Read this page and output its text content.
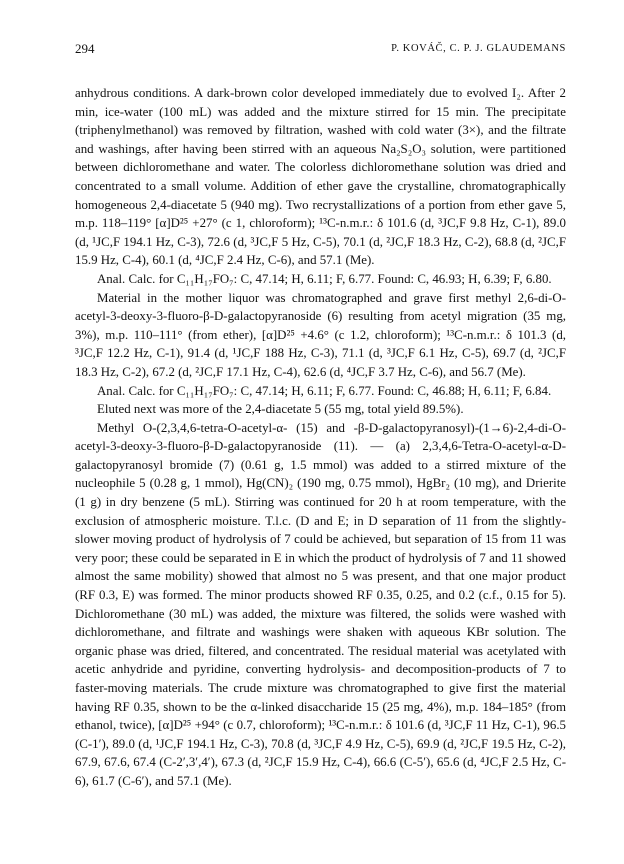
294	P. KOVÁČ, C. P. J. GLAUDEMANS

anhydrous conditions. A dark-brown color developed immediately due to evolved I₂. After 2 min, ice-water (100 mL) was added and the mixture stirred for 15 min. The precipitate (triphenylmethanol) was removed by filtration, washed with cold water (3×), and the filtrate and washings, after having been stirred with an aqueous Na₂S₂O₃ solution, were partitioned between dichloromethane and water. The colorless dichloromethane solution was dried and concentrated to a small volume. Addition of ether gave the crystalline, chromatographically homogeneous 2,4-diacetate 5 (940 mg). Two recrystallizations of a portion from ether gave 5, m.p. 118–119° [α]D²⁵ +27° (c 1, chloroform); ¹³C-n.m.r.: δ 101.6 (d, ³JC,F 9.8 Hz, C-1), 89.0 (d, ¹JC,F 194.1 Hz, C-3), 72.6 (d, ³JC,F 5 Hz, C-5), 70.1 (d, ²JC,F 18.3 Hz, C-2), 68.8 (d, ²JC,F 15.9 Hz, C-4), 60.1 (d, ⁴JC,F 2.4 Hz, C-6), and 57.1 (Me).

Anal. Calc. for C₁₁H₁₇FO₇: C, 47.14; H, 6.11; F, 6.77. Found: C, 46.93; H, 6.39; F, 6.80.

Material in the mother liquor was chromatographed and grave first methyl 2,6-di-O-acetyl-3-deoxy-3-fluoro-β-D-galactopyranoside (6) resulting from acetyl migration (35 mg, 3%), m.p. 110–111° (from ether), [α]D²⁵ +4.6° (c 1.2, chloroform); ¹³C-n.m.r.: δ 101.3 (d, ³JC,F 12.2 Hz, C-1), 91.4 (d, ¹JC,F 188 Hz, C-3), 71.1 (d, ³JC,F 6.1 Hz, C-5), 69.7 (d, ²JC,F 18.3 Hz, C-2), 67.2 (d, ²JC,F 17.1 Hz, C-4), 62.6 (d, ⁴JC,F 3.7 Hz, C-6), and 56.7 (Me).

Anal. Calc. for C₁₁H₁₇FO₇: C, 47.14; H, 6.11; F, 6.77. Found: C, 46.88; H, 6.11; F, 6.84.

Eluted next was more of the 2,4-diacetate 5 (55 mg, total yield 89.5%).

Methyl O-(2,3,4,6-tetra-O-acetyl-α- (15) and -β-D-galactopyranosyl)-(1→6)-2,4-di-O-acetyl-3-deoxy-3-fluoro-β-D-galactopyranoside (11). — (a) 2,3,4,6-Tetra-O-acetyl-α-D-galactopyranosyl bromide (7) (0.61 g, 1.5 mmol) was added to a stirred mixture of the nucleophile 5 (0.28 g, 1 mmol), Hg(CN)₂ (190 mg, 0.75 mmol), HgBr₂ (10 mg), and Drierite (1 g) in dry benzene (5 mL). Stirring was continued for 20 h at room temperature, with the exclusion of atmospheric moisture. T.l.c. (D and E; in D separation of 11 from the slightly-slower moving product of hydrolysis of 7 could be achieved, but separation of 15 from 11 was very poor; these could be separated in E in which the product of hydrolysis of 7 and 11 showed almost the same mobility) showed that almost no 5 was present, and that one major product (RF 0.3, E) was formed. The minor products showed RF 0.35, 0.25, and 0.2 (c.f., 0.15 for 5). Dichloromethane (30 mL) was added, the mixture was filtered, the solids were washed with dichloromethane, and filtrate and washings were shaken with aqueous KBr solution. The organic phase was dried, filtered, and concentrated. The residual material was acetylated with acetic anhydride and pyridine, converting hydrolysis- and decomposition-products of 7 to faster-moving materials. The crude mixture was chromatographed to give first the material having RF 0.35, shown to be the α-linked disaccharide 15 (25 mg, 4%), m.p. 184–185° (from ethanol, twice), [α]D²⁵ +94° (c 0.7, chloroform); ¹³C-n.m.r.: δ 101.6 (d, ³JC,F 11 Hz, C-1), 96.5 (C-1′), 89.0 (d, ¹JC,F 194.1 Hz, C-3), 70.8 (d, ³JC,F 4.9 Hz, C-5), 69.9 (d, ²JC,F 19.5 Hz, C-2), 67.9, 67.6, 67.4 (C-2′,3′,4′), 67.3 (d, ²JC,F 15.9 Hz, C-4), 66.6 (C-5′), 65.6 (d, ⁴JC,F 2.5 Hz, C-6), 61.7 (C-6′), and 57.1 (Me).
